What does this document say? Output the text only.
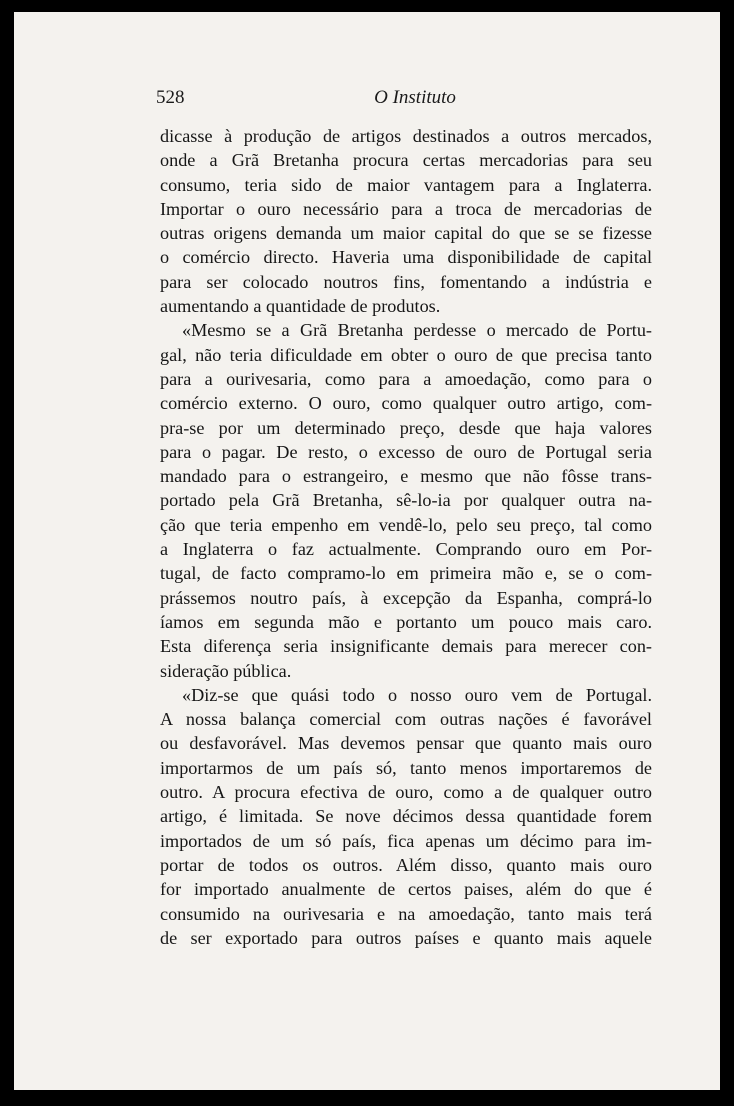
528	O Instituto
dicasse à produção de artigos destinados a outros mercados,
onde a Grã Bretanha procura certas mercadorias para seu
consumo, teria sido de maior vantagem para a Inglaterra.
Importar o ouro necessário para a troca de mercadorias de
outras origens demanda um maior capital do que se se fizesse
o comércio directo. Haveria uma disponibilidade de capital
para ser colocado noutros fins, fomentando a indústria e
aumentando a quantidade de produtos.
«Mesmo se a Grã Bretanha perdesse o mercado de Portu-
gal, não teria dificuldade em obter o ouro de que precisa tanto
para a ourivesaria, como para a amoedação, como para o
comércio externo. O ouro, como qualquer outro artigo, com-
pra-se por um determinado preço, desde que haja valores
para o pagar. De resto, o excesso de ouro de Portugal seria
mandado para o estrangeiro, e mesmo que não fôsse trans-
portado pela Grã Bretanha, sê-lo-ia por qualquer outra na-
ção que teria empenho em vendê-lo, pelo seu preço, tal como
a Inglaterra o faz actualmente. Comprando ouro em Por-
tugal, de facto compramo-lo em primeira mão e, se o com-
prássemos noutro país, à excepção da Espanha, comprá-lo
íamos em segunda mão e portanto um pouco mais caro.
Esta diferença seria insignificante demais para merecer con-
sideração pública.
«Diz-se que quási todo o nosso ouro vem de Portugal.
A nossa balança comercial com outras nações é favorável
ou desfavorável. Mas devemos pensar que quanto mais ouro
importarmos de um país só, tanto menos importaremos de
outro. A procura efectiva de ouro, como a de qualquer outro
artigo, é limitada. Se nove décimos dessa quantidade forem
importados de um só país, fica apenas um décimo para im-
portar de todos os outros. Além disso, quanto mais ouro
for importado anualmente de certos paises, além do que é
consumido na ourivesaria e na amoedação, tanto mais terá
de ser exportado para outros países e quanto mais aquele
